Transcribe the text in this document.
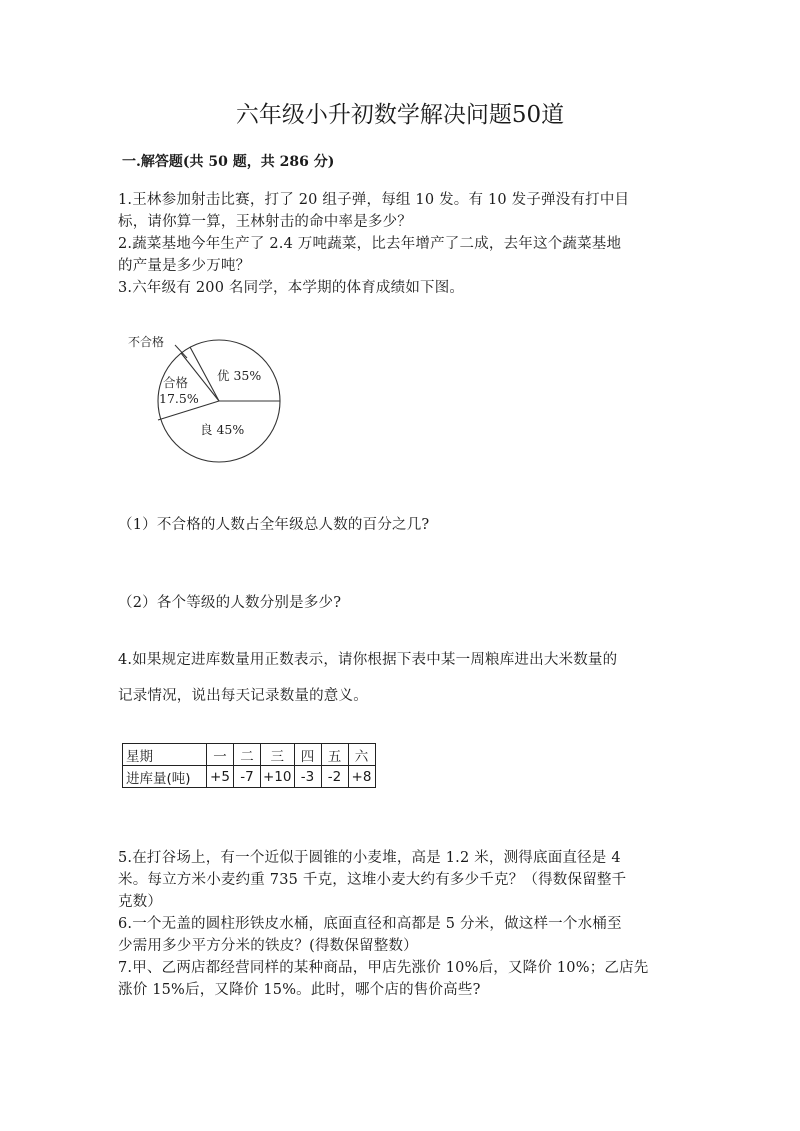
六年级小升初数学解决问题50道
一.解答题(共 50 题，共 286 分)
1.王林参加射击比赛，打了 20 组子弹，每组 10 发。有 10 发子弹没有打中目
标，请你算一算，王林射击的命中率是多少？
2.蔬菜基地今年生产了 2.4 万吨蔬菜，比去年增产了二成，去年这个蔬菜基地
的产量是多少万吨？
3.六年级有 200 名同学，本学期的体育成绩如下图。
不合格
优 35%
合格
17.5%
良 45%
（1）不合格的人数占全年级总人数的百分之几?
（2）各个等级的人数分别是多少?
4.如果规定进库数量用正数表示，请你根据下表中某一周粮库进出大米数量的
记录情况，说出每天记录数量的意义。
星期	一	二	三	四	五	六
进库量(吨)	+5	-7	+10	-3	-2	+8
5.在打谷场上，有一个近似于圆锥的小麦堆，高是 1.2 米，测得底面直径是 4
米。每立方米小麦约重 735 千克，这堆小麦大约有多少千克？（得数保留整千
克数）
6.一个无盖的圆柱形铁皮水桶，底面直径和高都是 5 分米，做这样一个水桶至
少需用多少平方分米的铁皮？(得数保留整数）
7.甲、乙两店都经营同样的某种商品，甲店先涨价 10%后，又降价 10%；乙店先
涨价 15%后，又降价 15%。此时，哪个店的售价高些?
